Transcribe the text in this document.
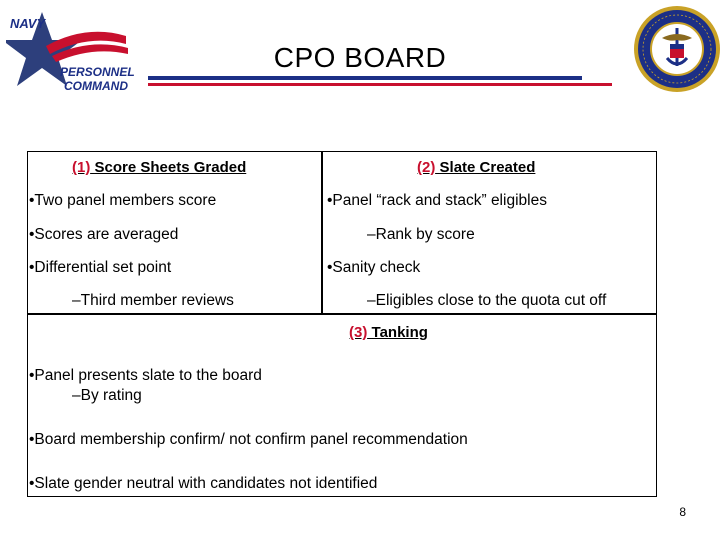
NAVY
PERSONNEL
COMMAND
CPO BOARD
(1) Score Sheets Graded
•Two panel members score
•Scores are averaged
•Differential set point
–Third member reviews
(2) Slate Created
•Panel “rack and stack” eligibles
–Rank by score
•Sanity check
–Eligibles close to the quota cut off
(3) Tanking
•Panel presents slate to the board
–By rating
•Board membership confirm/ not confirm panel recommendation
•Slate gender neutral with candidates not identified
8
